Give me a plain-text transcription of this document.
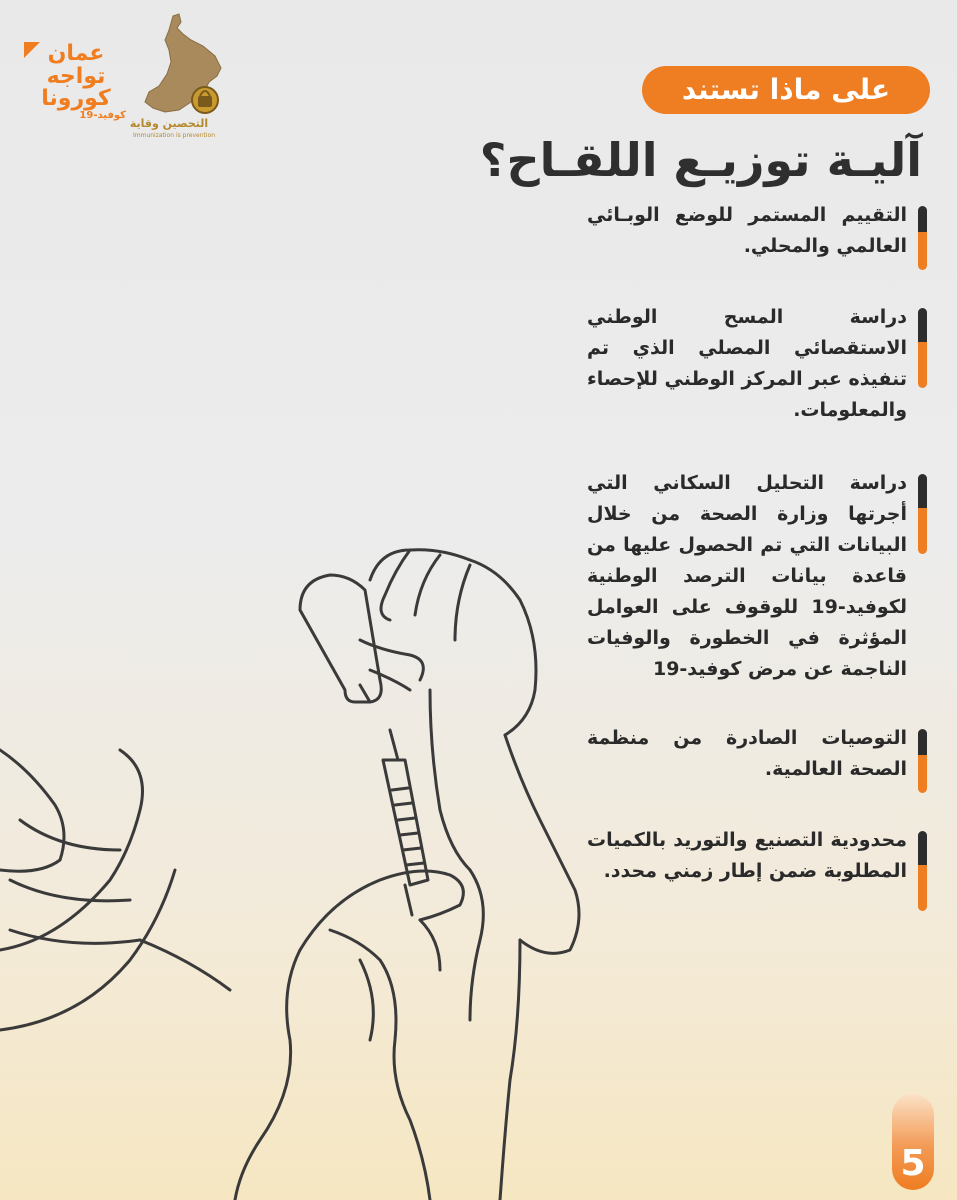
عمان
تواجه كورونا
كوفيد-19
التحصين وقاية
Immunization is prevention
على ماذا تستند
آليـة توزيـع اللقـاح؟

التقييم المستمر للوضع الوبـائي العالمي والمحلي.

دراسة المسح الوطني الاستقصائي المصلي الذي تم تنفيذه عبر المركز الوطني للإحصاء والمعلومات.

دراسة التحليل السكاني التي أجرتها وزارة الصحة من خلال البيانات التي تم الحصول عليها من قاعدة بيانات الترصد الوطنية لكوفيد-19 للوقوف على العوامل المؤثرة في الخطورة والوفيات الناجمة عن مرض كوفيد-19

التوصيات الصادرة من منظمة الصحة العالمية.

محدودية التصنيع والتوريد بالكميات المطلوبة ضمن إطار زمني محدد.

5
